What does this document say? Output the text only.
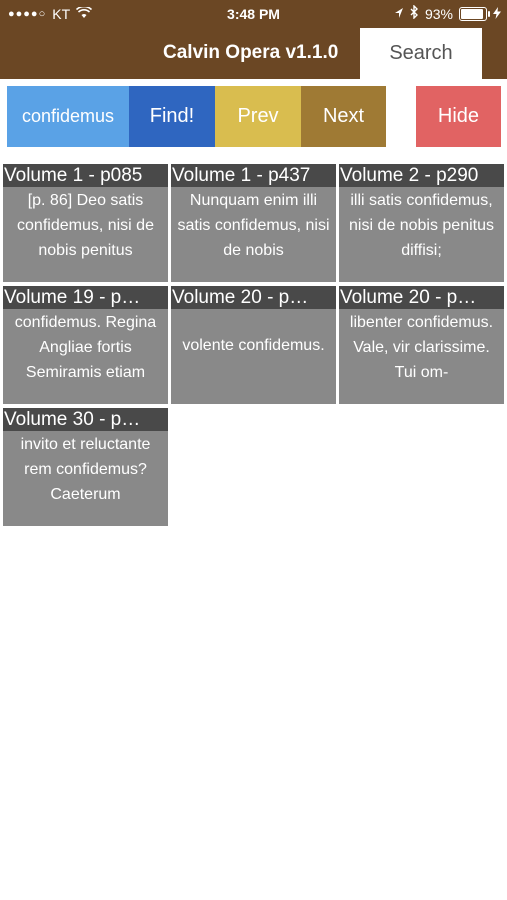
●●●●○ KT	3:48 PM	93%
Calvin Opera v1.1.0	Search
confidemus
Find!	Prev	Next	Hide
Volume 1 - p085
[p. 86] Deo satis confidemus, nisi de nobis penitus
Volume 1 - p437
Nunquam enim illi satis confidemus, nisi de nobis
Volume 2 - p290
illi satis confidemus, nisi de nobis penitus diffisi;
Volume 19 - p…
confidemus. Regina Angliae fortis Semiramis etiam
Volume 20 - p…
volente confidemus.
Volume 20 - p…
libenter confidemus. Vale, vir clarissime. Tui om-
Volume 30 - p…
invito et reluctante rem confidemus? Caeterum
